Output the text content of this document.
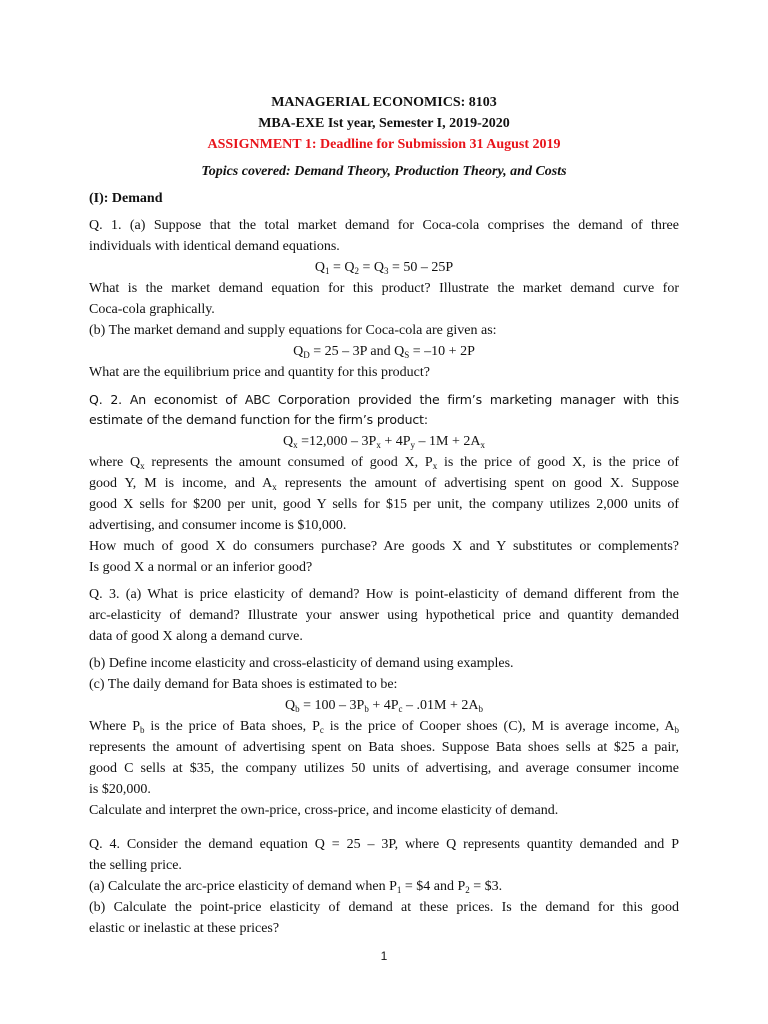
MANAGERIAL ECONOMICS: 8103
MBA-EXE Ist year, Semester I, 2019-2020
ASSIGNMENT 1: Deadline for Submission 31 August 2019
Topics covered: Demand Theory, Production Theory, and Costs
(I): Demand
Q. 1. (a) Suppose that the total market demand for Coca-cola comprises the demand of three
individuals with identical demand equations.
$Q_1 = Q_2 = Q_3 = 50 - 25P$
What is the market demand equation for this product? Illustrate the market demand curve for
Coca-cola graphically.
(b) The market demand and supply equations for Coca-cola are given as:
$Q_D = 25 - 3P$ and $Q_S = -10 + 2P$
What are the equilibrium price and quantity for this product?
Q. 2. An economist of ABC Corporation provided the firm’s marketing manager with this
estimate of the demand function for the firm’s product:
$Q_x =12,000 - 3P_x + 4P_y - 1M + 2A_x$
where $Q_x$ represents the amount consumed of good X, $P_x$ is the price of good X, is the price of
good Y, M is income, and $A_x$ represents the amount of advertising spent on good X. Suppose
good X sells for $200 per unit, good Y sells for $15 per unit, the company utilizes 2,000 units of
advertising, and consumer income is $10,000.
How much of good X do consumers purchase? Are goods X and Y substitutes or complements?
Is good X a normal or an inferior good?
Q. 3. (a) What is price elasticity of demand? How is point-elasticity of demand different from the
arc-elasticity of demand? Illustrate your answer using hypothetical price and quantity demanded
data of good X along a demand curve.
(b) Define income elasticity and cross-elasticity of demand using examples.
(c) The daily demand for Bata shoes is estimated to be:
$Q_b = 100 - 3P_b + 4P_c - .01M + 2A_b$
Where $P_b$ is the price of Bata shoes, $P_c$ is the price of Cooper shoes (C), M is average income, $A_b$
represents the amount of advertising spent on Bata shoes. Suppose Bata shoes sells at $25 a pair,
good C sells at $35, the company utilizes 50 units of advertising, and average consumer income
is $20,000.
Calculate and interpret the own-price, cross-price, and income elasticity of demand.
Q. 4. Consider the demand equation Q = 25 – 3P, where Q represents quantity demanded and P
the selling price.
(a) Calculate the arc-price elasticity of demand when $P_1$ = $4 and $P_2$ = $3.
(b) Calculate the point-price elasticity of demand at these prices. Is the demand for this good
elastic or inelastic at these prices?
1
